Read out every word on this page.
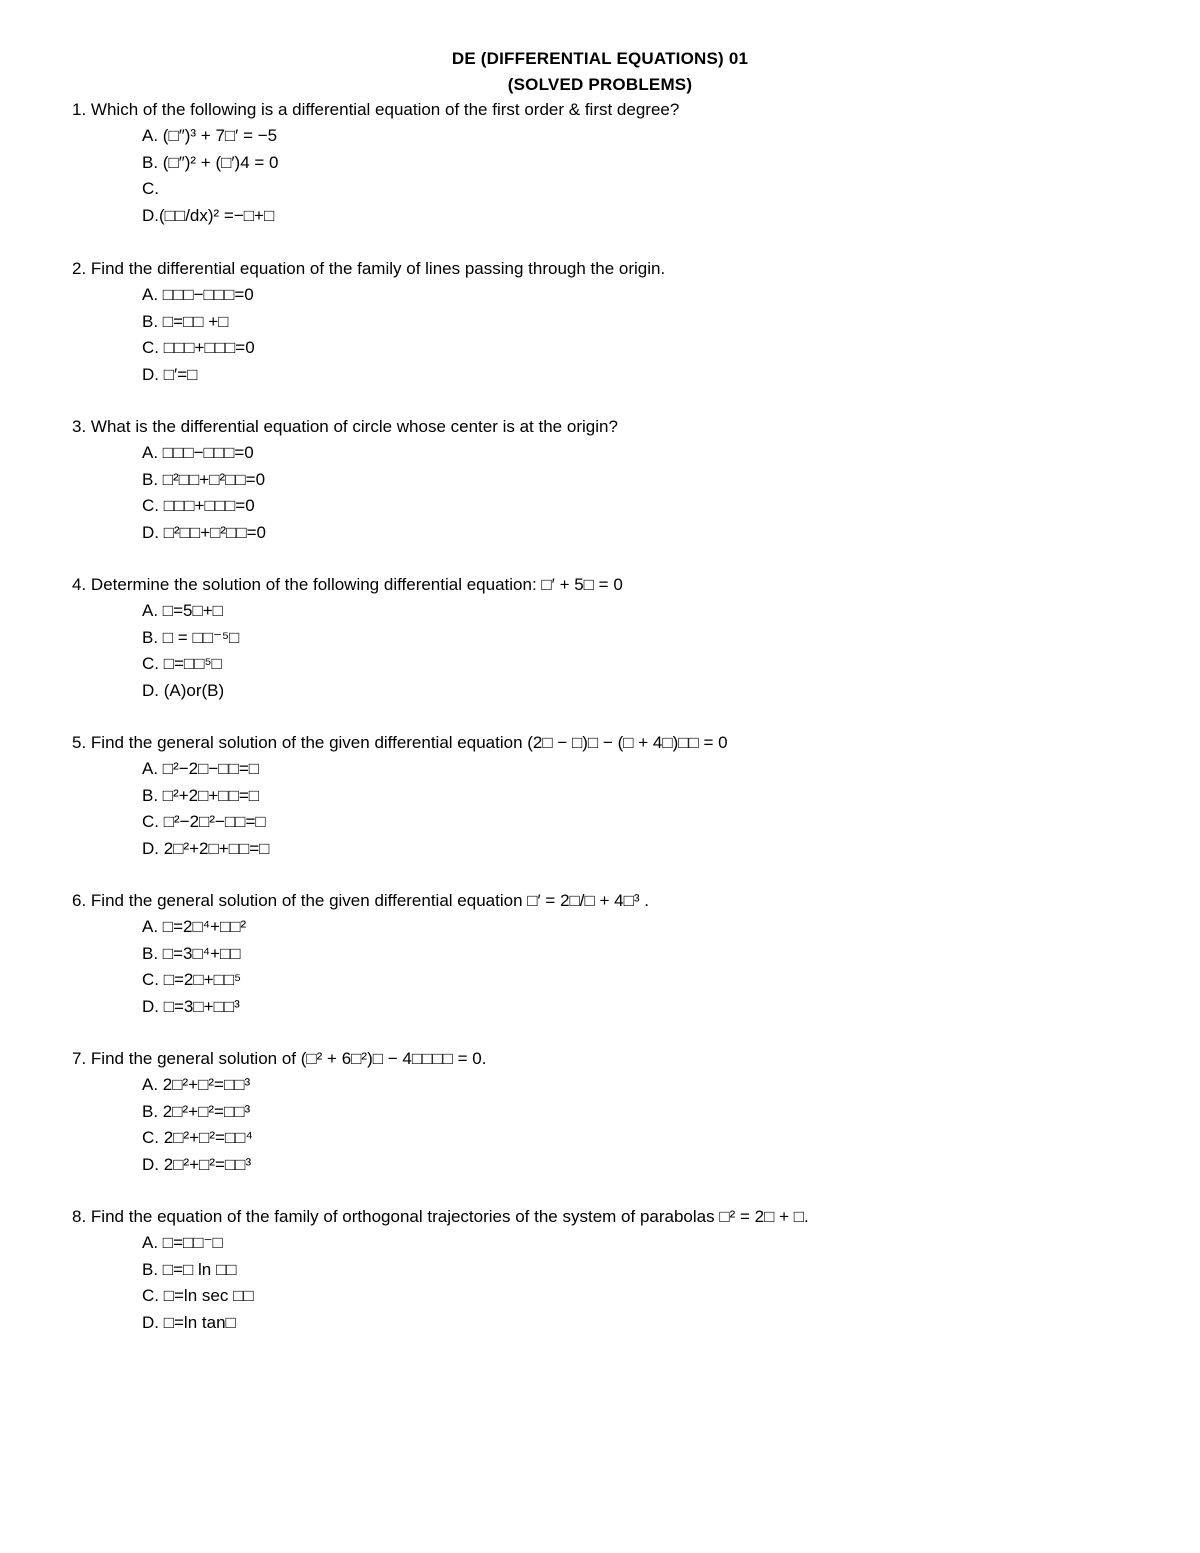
DE (DIFFERENTIAL EQUATIONS) 01
(SOLVED PROBLEMS)
1. Which of the following is a differential equation of the first order & first degree?
A. (□″)³ + 7□′ = −5
B. (□″)² + (□′)4 = 0
C.
D.(□□/dx)² =−□+□
2. Find the differential equation of the family of lines passing through the origin.
A. □□□−□□□=0
B. □=□□ +□
C. □□□+□□□=0
D. □′=□
3. What is the differential equation of circle whose center is at the origin?
A. □□□−□□□=0
B. □²□□+□²□□=0
C. □□□+□□□=0
D. □²□□+□²□□=0
4. Determine the solution of the following differential equation: □′ + 5□ = 0
A. □=5□+□
B. □ = □□⁻⁵□
C. □=□□⁵□
D. (A)or(B)
5. Find the general solution of the given differential equation (2□ − □)□ − (□ + 4□)□□ = 0
A. □²−2□−□□=□
B. □²+2□+□□=□
C. □²−2□²−□□=□
D. 2□²+2□+□□=□
6. Find the general solution of the given differential equation □′ = 2□/□ + 4□³ .
A. □=2□⁴+□□²
B. □=3□⁴+□□
C. □=2□+□□⁵
D. □=3□+□□³
7. Find the general solution of (□² + 6□²)□ − 4□□□□ = 0.
A. 2□²+□²=□□³
B. 2□²+□²=□□³
C. 2□²+□²=□□⁴
D. 2□²+□²=□□³
8. Find the equation of the family of orthogonal trajectories of the system of parabolas □² = 2□ + □.
A. □=□□⁻□
B. □=□ ln □□
C. □=ln sec □□
D. □=ln tan□
